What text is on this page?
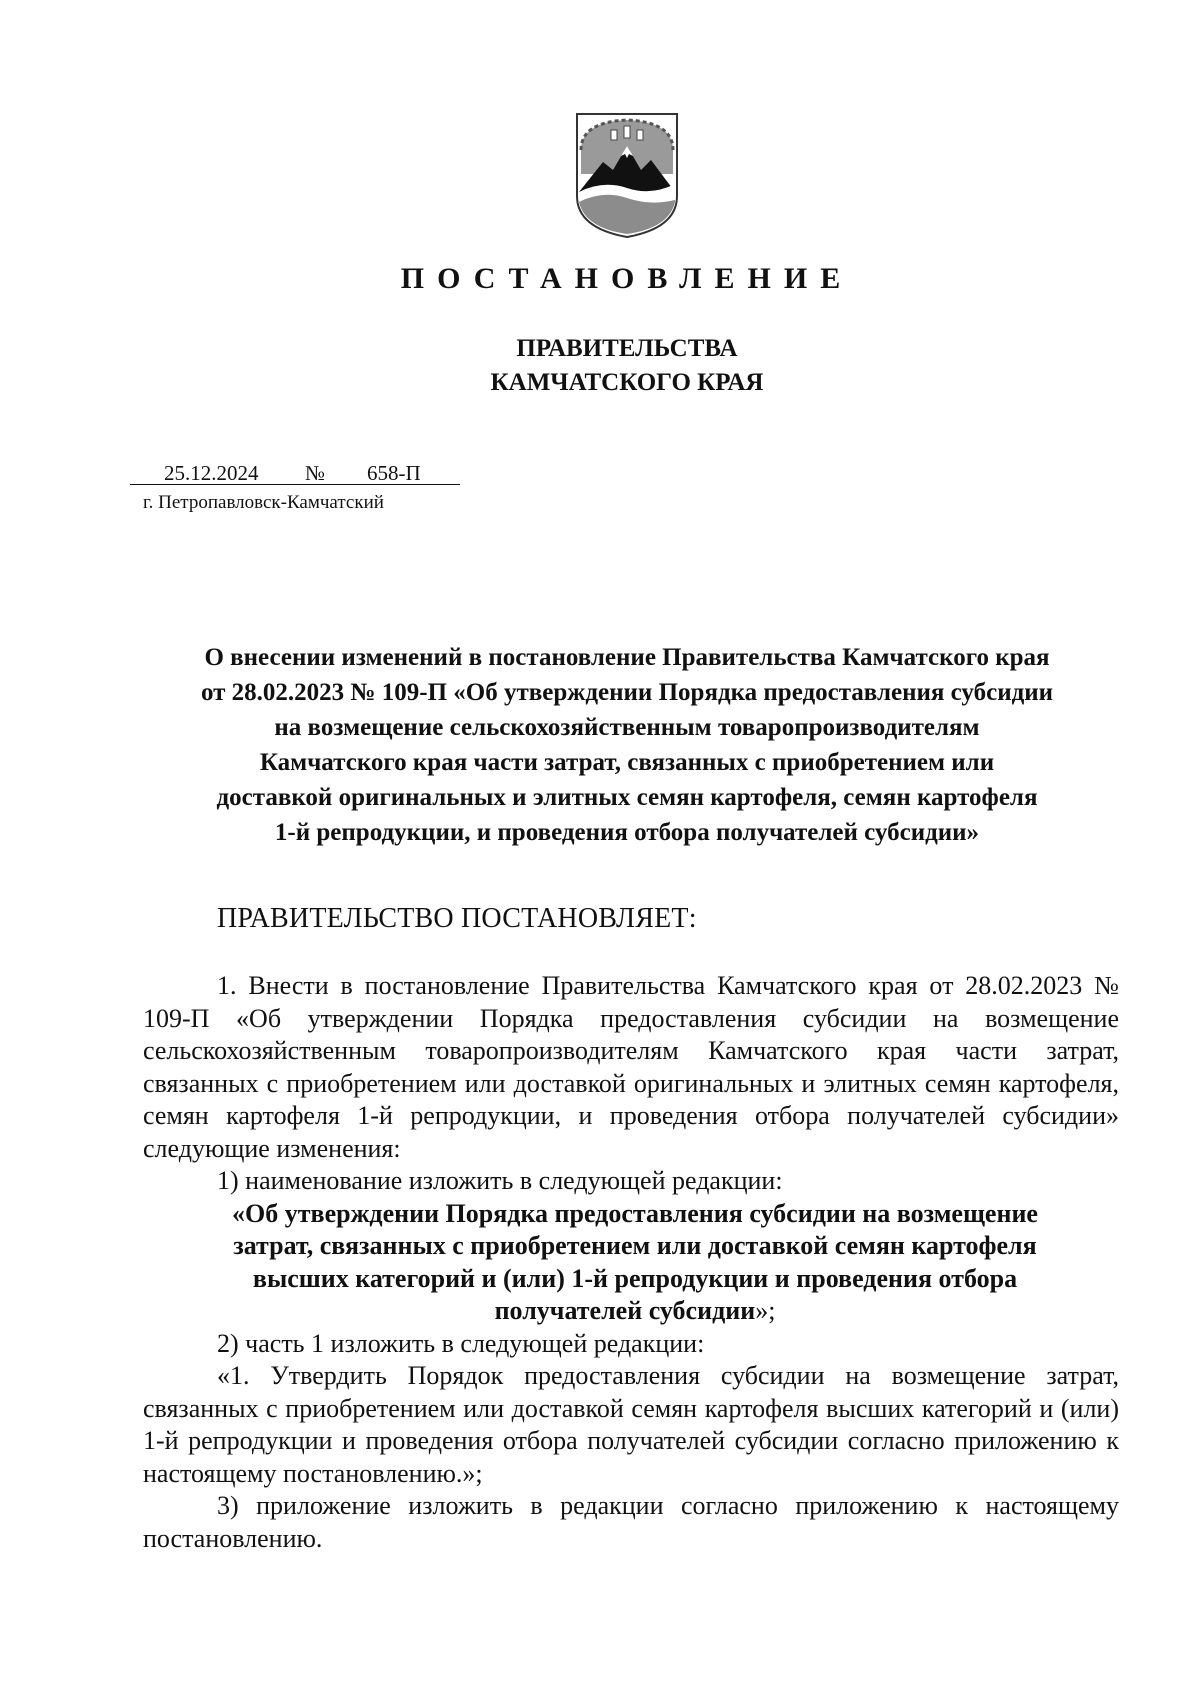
ПОСТАНОВЛЕНИЕ
ПРАВИТЕЛЬСТВА
КАМЧАТСКОГО КРАЯ
25.12.2024 № 658-П
г. Петропавловск-Камчатский
О внесении изменений в постановление Правительства Камчатского края
от 28.02.2023 № 109-П «Об утверждении Порядка предоставления субсидии
на возмещение сельскохозяйственным товаропроизводителям
Камчатского края части затрат, связанных с приобретением или
доставкой оригинальных и элитных семян картофеля, семян картофеля
1-й репродукции, и проведения отбора получателей субсидии»
ПРАВИТЕЛЬСТВО ПОСТАНОВЛЯЕТ:

1. Внести в постановление Правительства Камчатского края от 28.02.2023 № 109-П «Об утверждении Порядка предоставления субсидии на возмещение сельскохозяйственным товаропроизводителям Камчатского края части затрат, связанных с приобретением или доставкой оригинальных и элитных семян картофеля, семян картофеля 1-й репродукции, и проведения отбора получателей субсидии» следующие изменения:

1) наименование изложить в следующей редакции:

«Об утверждении Порядка предоставления субсидии на возмещение
затрат, связанных с приобретением или доставкой семян картофеля
высших категорий и (или) 1-й репродукции и проведения отбора
получателей субсидии»;

2) часть 1 изложить в следующей редакции:

«1. Утвердить Порядок предоставления субсидии на возмещение затрат, связанных с приобретением или доставкой семян картофеля высших категорий и (или) 1-й репродукции и проведения отбора получателей субсидии согласно приложению к настоящему постановлению.»;

3) приложение изложить в редакции согласно приложению к настоящему постановлению.
